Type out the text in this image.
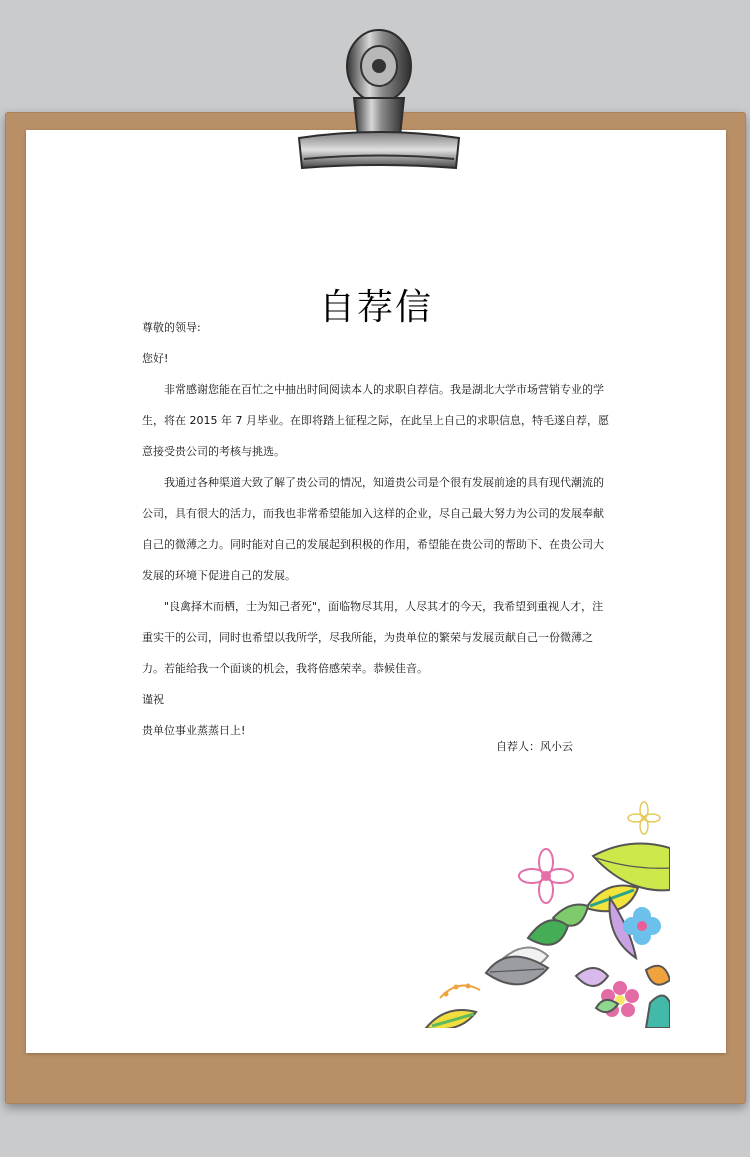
自荐信

尊敬的领导:

您好!

非常感谢您能在百忙之中抽出时间阅读本人的求职自荐信。我是湖北大学市场营销专业的学生，将在 2015 年 7 月毕业。在即将踏上征程之际，在此呈上自己的求职信息，特毛遂自荐，愿意接受贵公司的考核与挑选。

我通过各种渠道大致了解了贵公司的情况，知道贵公司是个很有发展前途的具有现代潮流的公司，具有很大的活力，而我也非常希望能加入这样的企业，尽自己最大努力为公司的发展奉献自己的微薄之力。同时能对自己的发展起到积极的作用，希望能在贵公司的帮助下、在贵公司大发展的环境下促进自己的发展。

"良禽择木而栖，士为知己者死"，面临物尽其用，人尽其才的今天，我希望到重视人才，注重实干的公司，同时也希望以我所学，尽我所能，为贵单位的繁荣与发展贡献自己一份微薄之力。若能给我一个面谈的机会，我将倍感荣幸。恭候佳音。

谨祝

贵单位事业蒸蒸日上!

自荐人：风小云
